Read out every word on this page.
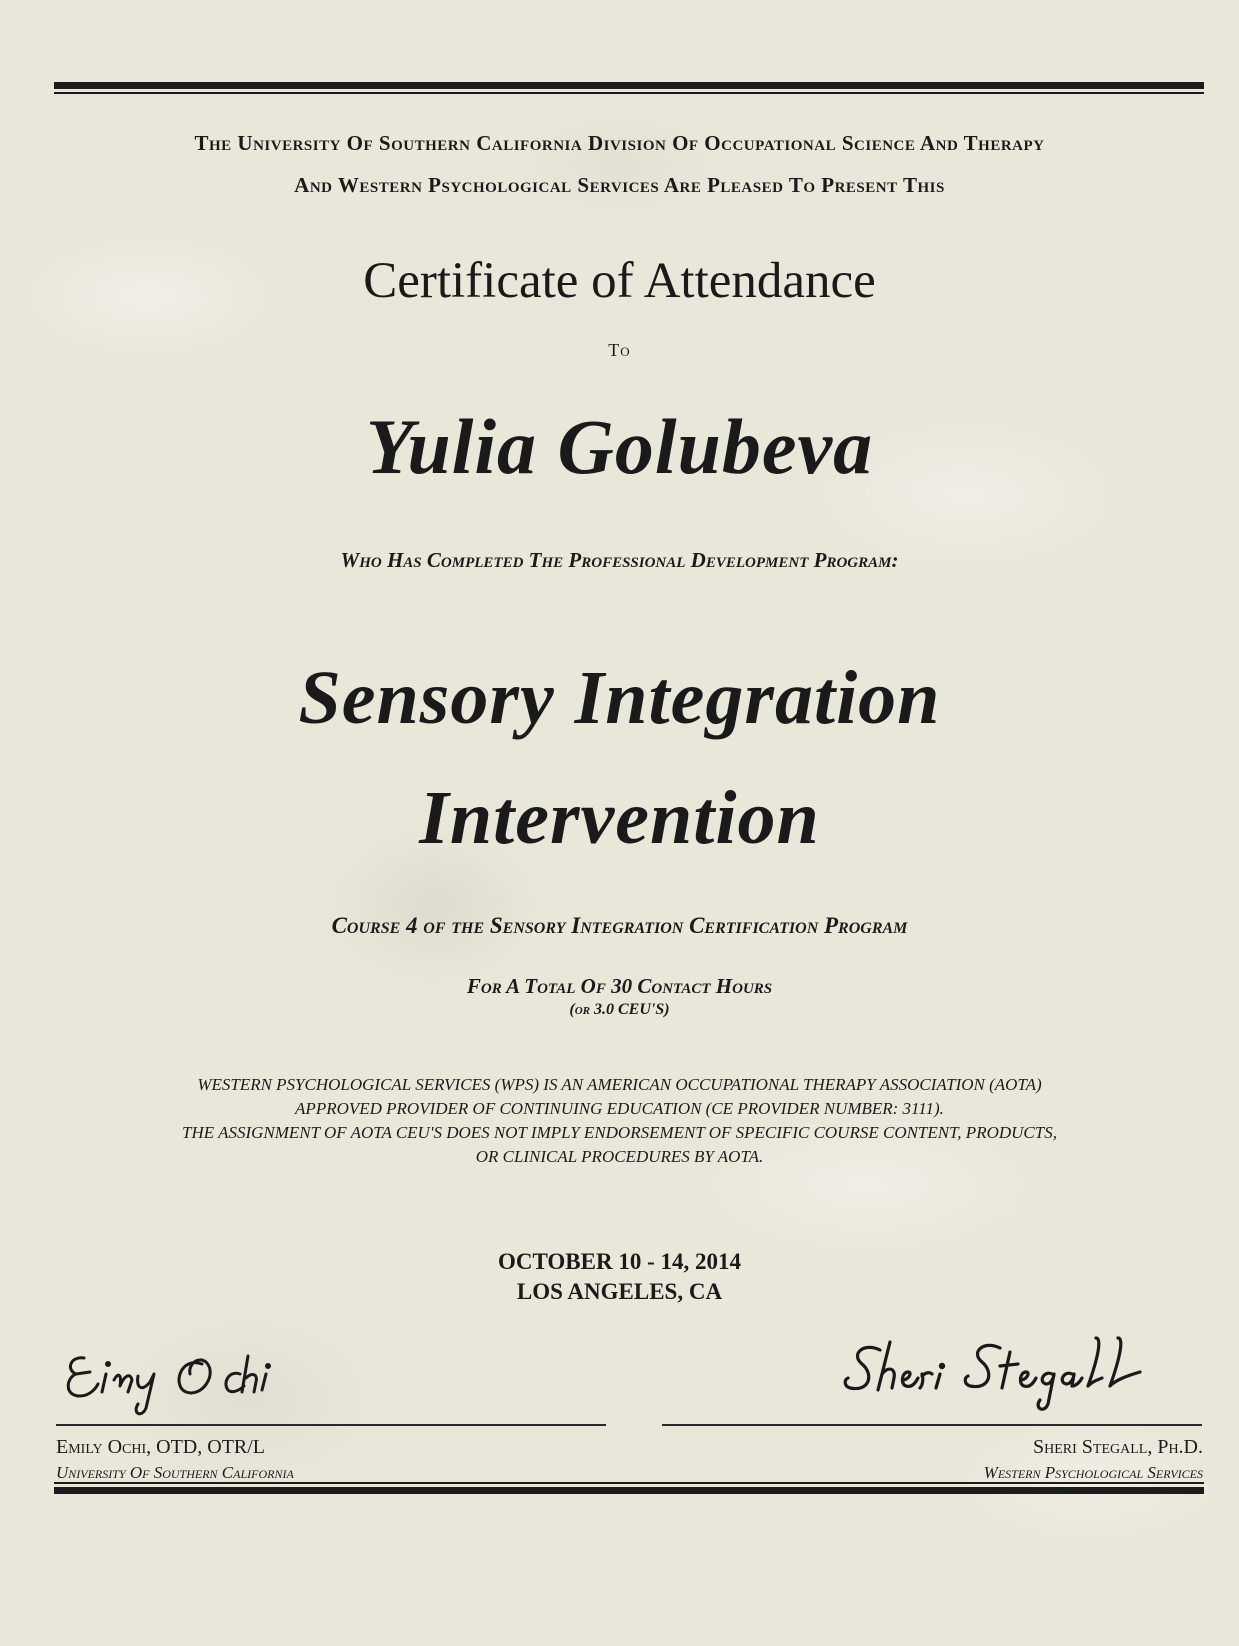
The University Of Southern California Division Of Occupational Science And Therapy
And Western Psychological Services Are Pleased To Present This
Certificate of Attendance
To
Yulia Golubeva
Who Has Completed The Professional Development Program:
Sensory Integration
Intervention
Course 4 of the Sensory Integration Certification Program
For A Total Of 30 Contact Hours
(or 3.0 CEU'S)
WESTERN PSYCHOLOGICAL SERVICES (WPS) IS AN AMERICAN OCCUPATIONAL THERAPY ASSOCIATION (AOTA)
APPROVED PROVIDER OF CONTINUING EDUCATION (CE PROVIDER NUMBER: 3111).
THE ASSIGNMENT OF AOTA CEU'S DOES NOT IMPLY ENDORSEMENT OF SPECIFIC COURSE CONTENT, PRODUCTS,
OR CLINICAL PROCEDURES BY AOTA.
OCTOBER 10 - 14, 2014
LOS ANGELES, CA
Emily Ochi, OTD, OTR/L
University Of Southern California
Sheri Stegall, Ph.D.
Western Psychological Services
